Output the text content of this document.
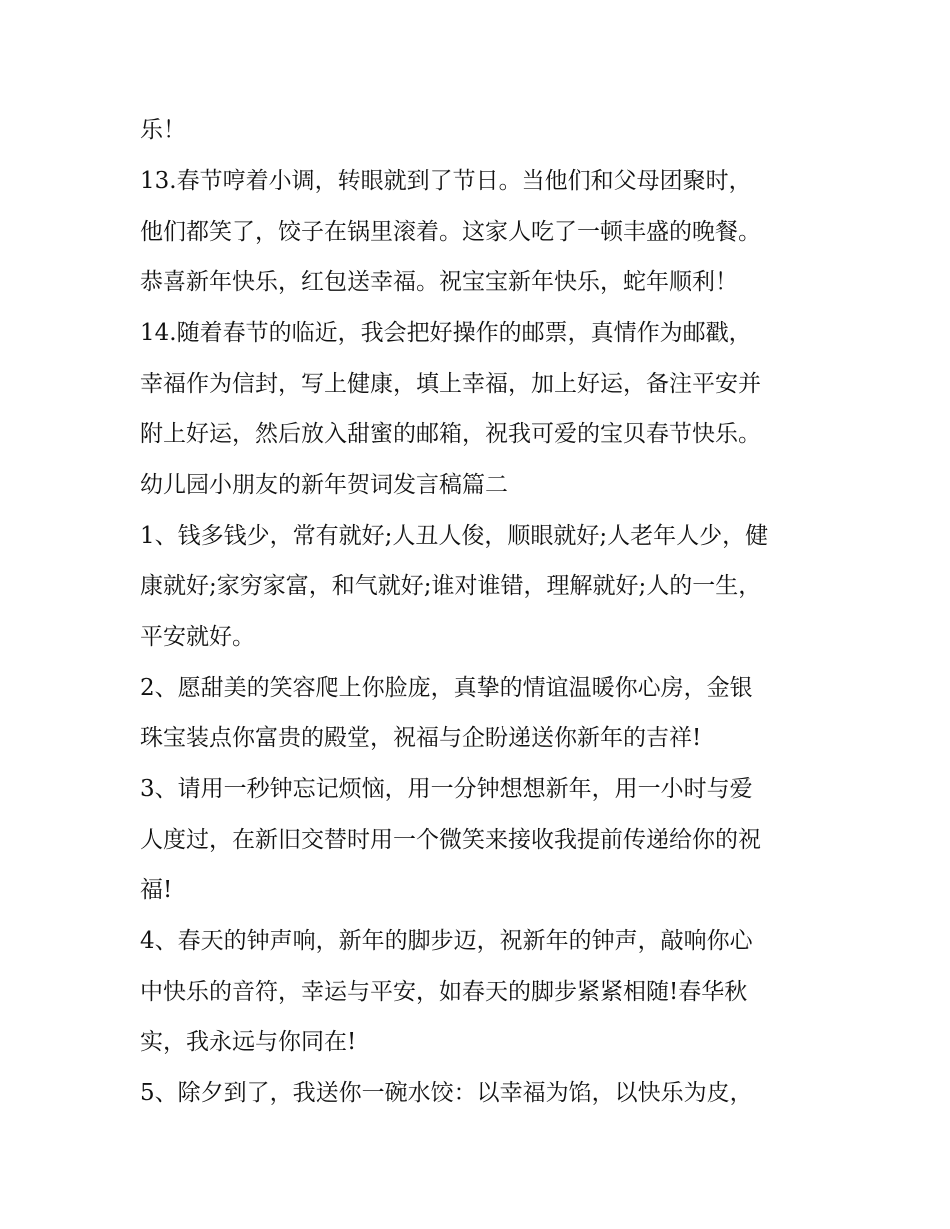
乐！

13.春节哼着小调，转眼就到了节日。当他们和父母团聚时，

他们都笑了，饺子在锅里滚着。这家人吃了一顿丰盛的晚餐。

恭喜新年快乐，红包送幸福。祝宝宝新年快乐，蛇年顺利！

14.随着春节的临近，我会把好操作的邮票，真情作为邮戳，

幸福作为信封，写上健康，填上幸福，加上好运，备注平安并

附上好运，然后放入甜蜜的邮箱，祝我可爱的宝贝春节快乐。

幼儿园小朋友的新年贺词发言稿篇二

1、钱多钱少，常有就好;人丑人俊，顺眼就好;人老年人少，健

康就好;家穷家富，和气就好;谁对谁错，理解就好;人的一生，

平安就好。

2、愿甜美的笑容爬上你脸庞，真挚的情谊温暖你心房，金银

珠宝装点你富贵的殿堂，祝福与企盼递送你新年的吉祥!

3、请用一秒钟忘记烦恼，用一分钟想想新年，用一小时与爱

人度过，在新旧交替时用一个微笑来接收我提前传递给你的祝

福!

4、春天的钟声响，新年的脚步迈，祝新年的钟声，敲响你心

中快乐的音符，幸运与平安，如春天的脚步紧紧相随!春华秋

实，我永远与你同在!

5、除夕到了，我送你一碗水饺：以幸福为馅，以快乐为皮，
